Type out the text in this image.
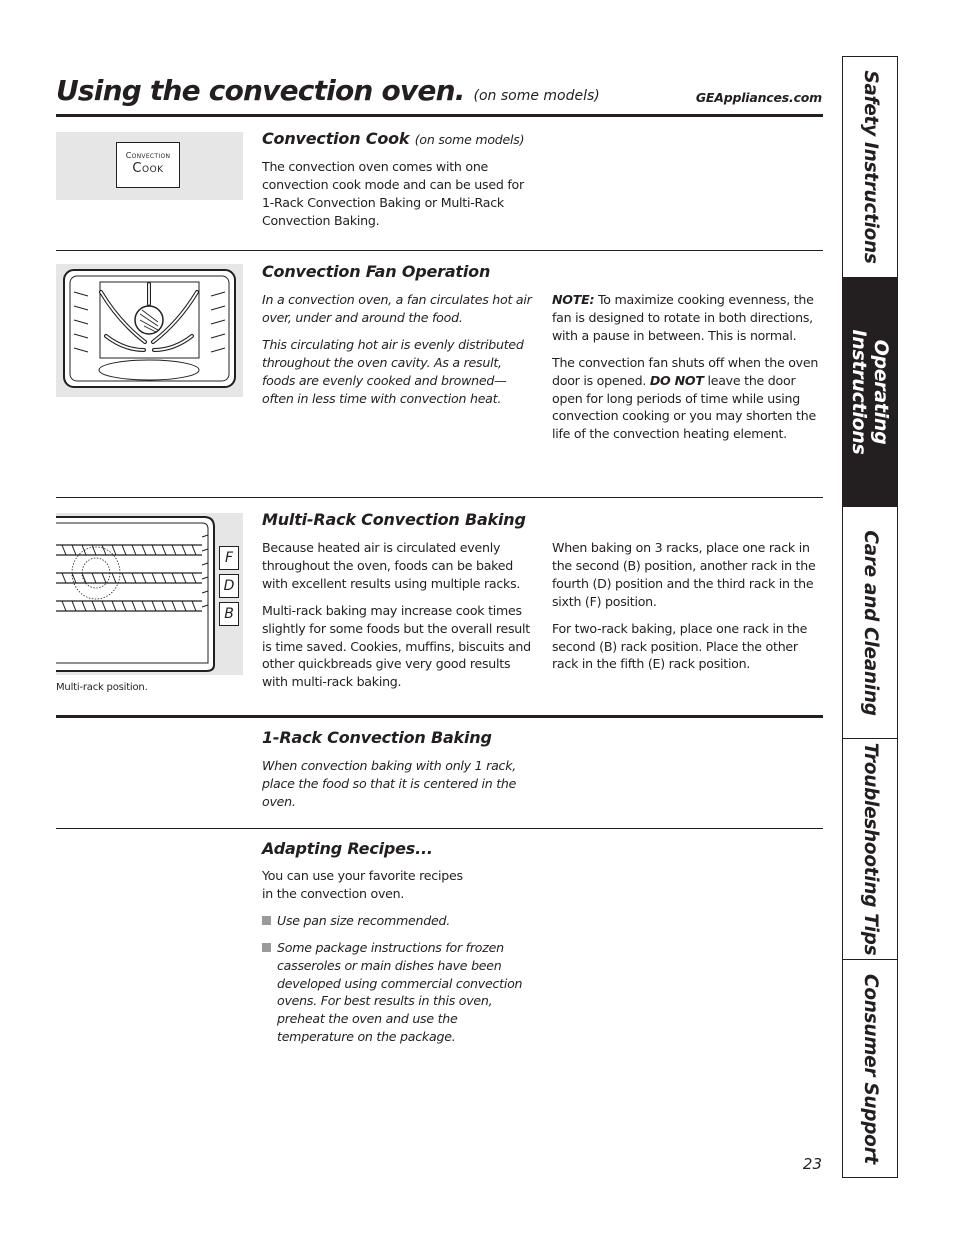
Using the convection oven. (on some models)	GEAppliances.com
Convection
Cook
Convection Cook (on some models)

The convection oven comes with one convection cook mode and can be used for 1-Rack Convection Baking or Multi-Rack Convection Baking.

Convection Fan Operation

In a convection oven, a fan circulates hot air over, under and around the food.

This circulating hot air is evenly distributed throughout the oven cavity. As a result, foods are evenly cooked and browned—often in less time with convection heat.

NOTE: To maximize cooking evenness, the fan is designed to rotate in both directions, with a pause in between. This is normal.

The convection fan shuts off when the oven door is opened. DO NOT leave the door open for long periods of time while using convection cooking or you may shorten the life of the convection heating element.

F
D
B
Multi-rack position.
Multi-Rack Convection Baking

Because heated air is circulated evenly throughout the oven, foods can be baked with excellent results using multiple racks.

Multi-rack baking may increase cook times slightly for some foods but the overall result is time saved. Cookies, muffins, biscuits and other quickbreads give very good results with multi-rack baking.

When baking on 3 racks, place one rack in the second (B) position, another rack in the fourth (D) position and the third rack in the sixth (F) position.

For two-rack baking, place one rack in the second (B) rack position. Place the other rack in the fifth (E) rack position.

1-Rack Convection Baking

When convection baking with only 1 rack, place the food so that it is centered in the oven.

Adapting Recipes...

You can use your favorite recipes in the convection oven.

Use pan size recommended.
Some package instructions for frozen casseroles or main dishes have been developed using commercial convection ovens. For best results in this oven, preheat the oven and use the temperature on the package.
Safety Instructions
Operating Instructions
Care and Cleaning
Troubleshooting Tips
Consumer Support
23
